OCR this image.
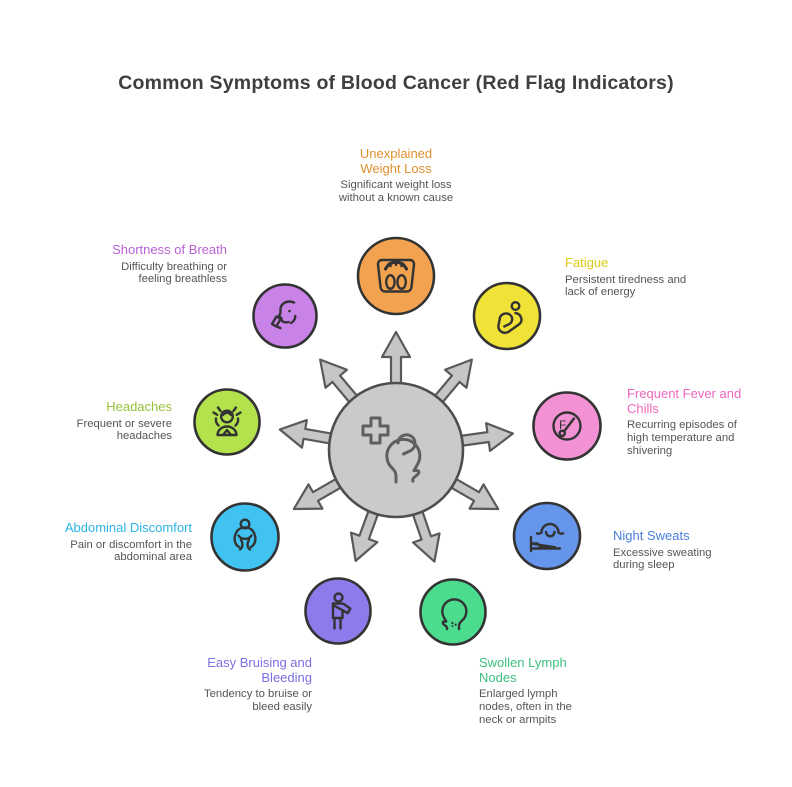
Common Symptoms of Blood Cancer (Red Flag Indicators)
F
Unexplained Weight Loss
Significant weight loss without a known cause
Fatigue
Persistent tiredness and lack of energy
Frequent Fever and Chills
Recurring episodes of high temperature and shivering
Night Sweats
Excessive sweating during sleep
Swollen Lymph Nodes
Enlarged lymph nodes, often in the neck or armpits
Easy Bruising and Bleeding
Tendency to bruise or bleed easily
Abdominal Discomfort
Pain or discomfort in the abdominal area
Headaches
Frequent or severe headaches
Shortness of Breath
Difficulty breathing or feeling breathless
